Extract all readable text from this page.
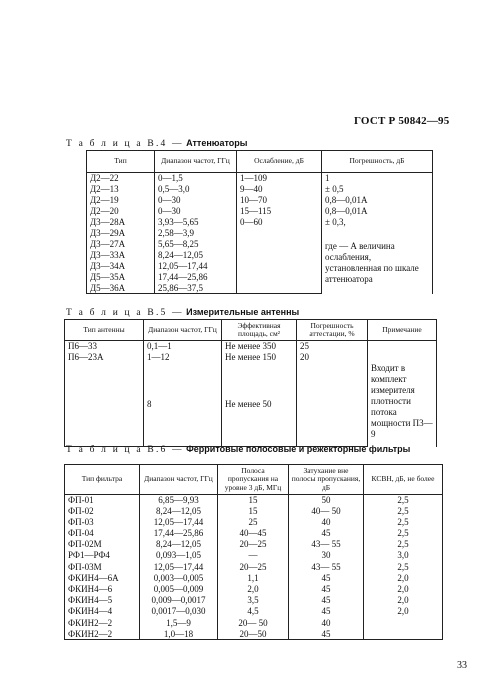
ГОСТ Р 50842—95
Т а б л и ц а В.4 — Аттенюаторы
Тип	Диапазон частот, ГГц	Ослабление, дБ	Погрешность, дБ
Д2—22	0—1,5	1—109	1
Д2—13	0,5—3,0	9—40	± 0,5
Д2—19	0—30	10—70	0,8—0,01А
Д2—20	0—30	15—115	0,8—0,01А
Д3—28А	3,93—5,65	0—60	± 0,3,
Д3—29А	2,58—3,9		где — А величина ослабления, установленная по шкале аттенюатора
Д3—27А	5,65—8,25		
Д3—33А	8,24—12,05		
Д3—34А	12,05—17,44		
Д5—35А	17,44—25,86		
Д5—36А	25,86—37,5		
Т а б л и ц а В.5 — Измерительные антенны
Тип антенны	Диапазон частот, ГГц	Эффективная площадь, см²	Погрешность аттестации, %	Примечание
П6—33	0,1—1	Не менее 350	25	
П6—23А	1—12	Не менее 150	20	Входит в комплект измерителя плотности потока мощности П3—9
	8	Не менее 50		
Т а б л и ц а В.6 — Ферритовые полосовые и режекторные фильтры
Тип фильтра	Диапазон частот, ГГц	Полоса пропускания на уровне 3 дБ, МГц	Затухание вне полосы пропускания, дБ	КСВН, дБ, не более
ФП-01	6,85—9,93	15	50	2,5
ФП-02	8,24—12,05	15	40— 50	2,5
ФП-03	12,05—17,44	25	40	2,5
ФП-04	17,44—25,86	40—45	45	2,5
ФП-02М	8,24—12,05	20—25	43— 55	2,5
РФ1—РФ4	0,093—1,05	—	30	3,0
ФП-03М	12,05—17,44	20—25	43— 55	2,5
ФКИН4—6А	0,003—0,005	1,1	45	2,0
ФКИН4—6	0,005—0,009	2,0	45	2,0
ФКИН4—5	0,009—0,0017	3,5	45	2,0
ФКИН4—4	0,0017—0,030	4,5	45	2,0
ФКИН2—2	1,5—9	20— 50	40	
ФКИН2—2	1,0—18	20—50	45	
33
